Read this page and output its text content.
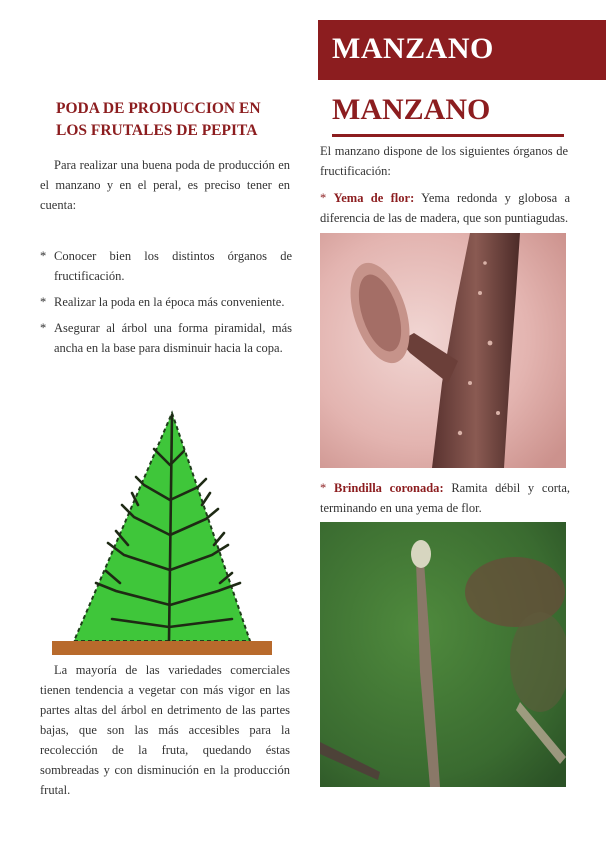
MANZANO
PODA DE PRODUCCION EN LOS FRUTALES DE PEPITA
Para realizar una buena poda de producción en el manzano y en el peral, es preciso tener en cuenta:
* Conocer bien los distintos órganos de fructificación.
* Realizar la poda en la época más conveniente.
* Asegurar al árbol una forma piramidal, más ancha en la base para disminuir hacia la copa.
La mayoría de las variedades comerciales tienen tendencia a vegetar con más vigor en las partes altas del árbol en detrimento de las partes bajas, que son las más accesibles para la recolección de la fruta, quedando éstas sombreadas y con disminución en la producción frutal.
MANZANO
El manzano dispone de los siguientes órganos de fructificación:
* Yema de flor: Yema redonda y globosa a diferencia de las de madera, que son puntiagudas.
* Brindilla coronada: Ramita débil y corta, terminando en una yema de flor.
